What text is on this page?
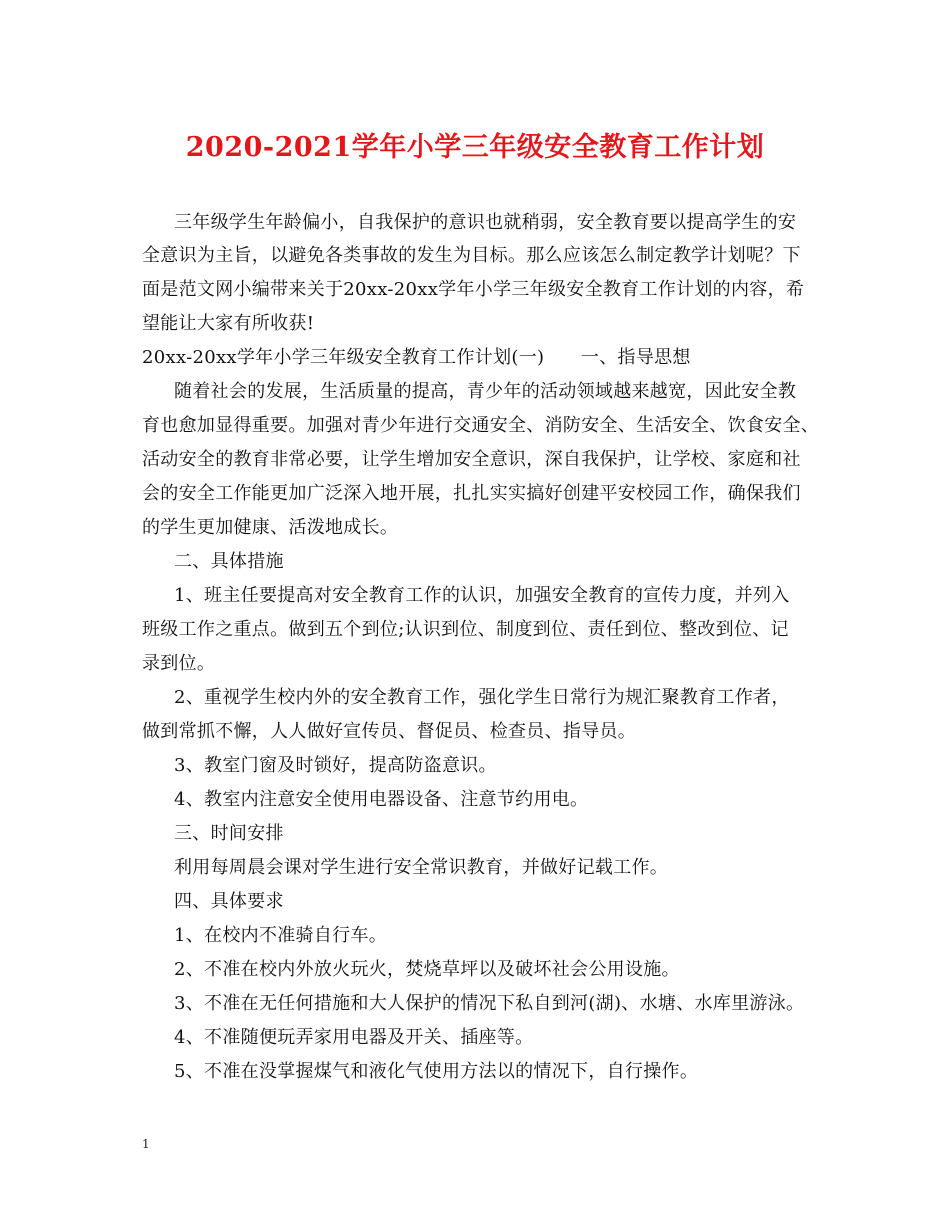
2020-2021学年小学三年级安全教育工作计划
三年级学生年龄偏小，自我保护的意识也就稍弱，安全教育要以提高学生的安
全意识为主旨，以避免各类事故的发生为目标。那么应该怎么制定教学计划呢？下
面是范文网小编带来关于20xx-20xx学年小学三年级安全教育工作计划的内容，希
望能让大家有所收获!
20xx-20xx学年小学三年级安全教育工作计划(一)　　一、指导思想
随着社会的发展，生活质量的提高，青少年的活动领域越来越宽，因此安全教
育也愈加显得重要。加强对青少年进行交通安全、消防安全、生活安全、饮食安全、
活动安全的教育非常必要，让学生增加安全意识，深自我保护，让学校、家庭和社
会的安全工作能更加广泛深入地开展，扎扎实实搞好创建平安校园工作，确保我们
的学生更加健康、活泼地成长。
二、具体措施
1、班主任要提高对安全教育工作的认识，加强安全教育的宣传力度，并列入
班级工作之重点。做到五个到位;认识到位、制度到位、责任到位、整改到位、记
录到位。
2、重视学生校内外的安全教育工作，强化学生日常行为规汇聚教育工作者，
做到常抓不懈，人人做好宣传员、督促员、检查员、指导员。
3、教室门窗及时锁好，提高防盗意识。
4、教室内注意安全使用电器设备、注意节约用电。
三、时间安排
利用每周晨会课对学生进行安全常识教育，并做好记载工作。
四、具体要求
1、在校内不准骑自行车。
2、不准在校内外放火玩火，焚烧草坪以及破坏社会公用设施。
3、不准在无任何措施和大人保护的情况下私自到河(湖)、水塘、水库里游泳。
4、不准随便玩弄家用电器及开关、插座等。
5、不准在没掌握煤气和液化气使用方法以的情况下，自行操作。
1
